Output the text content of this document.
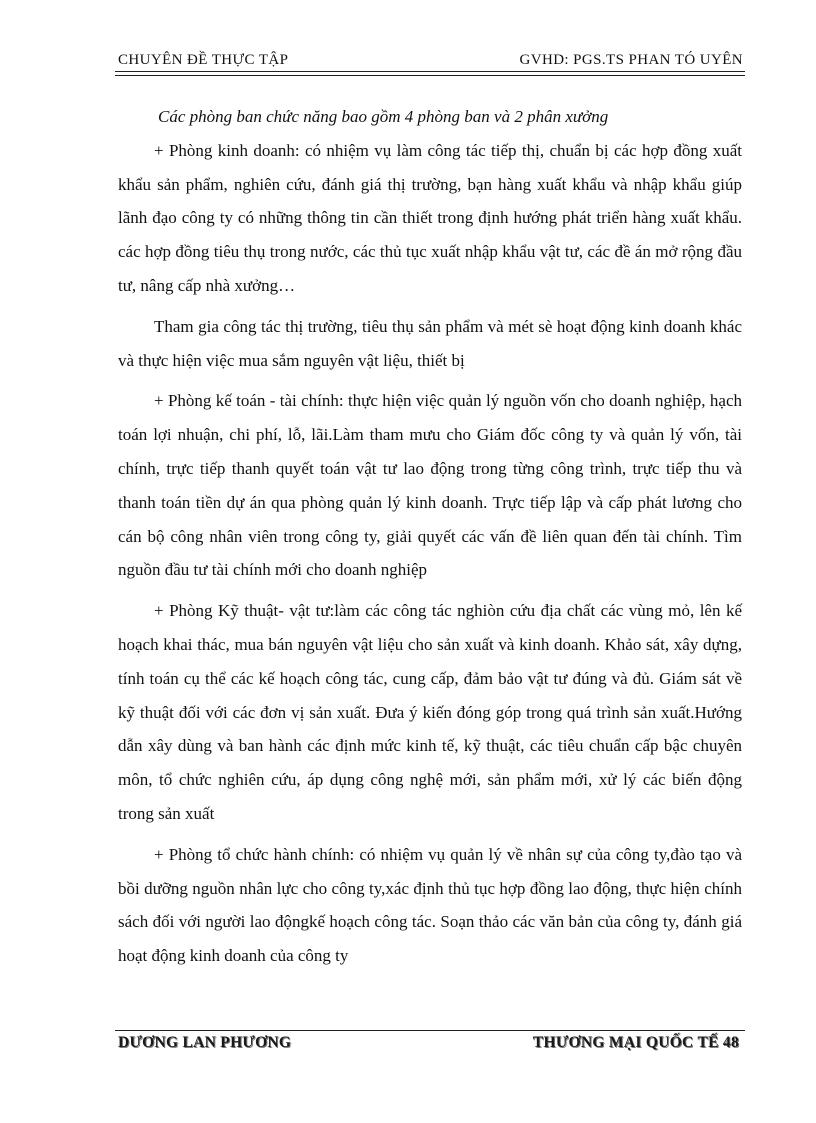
CHUYÊN ĐỀ THỰC TẬP	GVHD: PGS.TS PHAN TÓ UYÊN

Các phòng ban chức năng bao gồm 4 phòng ban và 2 phân xưởng

+ Phòng kinh doanh: có nhiệm vụ làm công tác tiếp thị, chuẩn bị các hợp đồng xuất khẩu sản phẩm, nghiên cứu, đánh giá thị trường, bạn hàng xuất khẩu và nhập khẩu giúp lãnh đạo công ty có những thông tin cần thiết trong định hướng phát triển hàng xuất khẩu. các hợp đồng tiêu thụ trong nước, các thủ tục xuất nhập khẩu vật tư, các đề án mở rộng đầu tư, nâng cấp nhà xưởng…

Tham gia công tác thị trường, tiêu thụ sản phẩm và mét sè hoạt động kinh doanh khác và thực hiện việc mua sắm nguyên vật liệu, thiết bị

+ Phòng kế toán - tài chính: thực hiện việc quản lý nguồn vốn cho doanh nghiệp, hạch toán lợi nhuận, chi phí, lỗ, lãi.Làm tham mưu cho Giám đốc công ty và quản lý vốn, tài chính, trực tiếp thanh quyết toán vật tư lao động trong từng công trình, trực tiếp thu và thanh toán tiền dự án qua phòng quản lý kinh doanh. Trực tiếp lập và cấp phát lương cho cán bộ công nhân viên trong công ty, giải quyết các vấn đề liên quan đến tài chính. Tìm nguồn đầu tư tài chính mới cho doanh nghiệp

+ Phòng Kỹ thuật- vật tư:làm các công tác nghiòn cứu địa chất các vùng mỏ, lên kế hoạch khai thác, mua bán nguyên vật liệu cho sản xuất và kinh doanh. Khảo sát, xây dựng, tính toán cụ thể các kế hoạch công tác, cung cấp, đảm bảo vật tư đúng và đủ. Giám sát về kỹ thuật đối với các đơn vị sản xuất. Đưa ý kiến đóng góp trong quá trình sản xuất.Hướng dẫn xây dùng và ban hành các định mức kinh tế, kỹ thuật, các tiêu chuẩn cấp bậc chuyên môn, tổ chức nghiên cứu, áp dụng công nghệ mới, sản phẩm mới, xử lý các biến động trong sản xuất

+ Phòng tổ chức hành chính: có nhiệm vụ quản lý về nhân sự của công ty,đào tạo và bồi dưỡng nguồn nhân lực cho công ty,xác định thủ tục hợp đồng lao động, thực hiện chính sách đối với người lao độngkế hoạch công tác. Soạn thảo các văn bản của công ty, đánh giá hoạt động kinh doanh của công ty

DƯƠNG LAN PHƯƠNG	THƯƠNG MẠI QUỐC TẾ 48
